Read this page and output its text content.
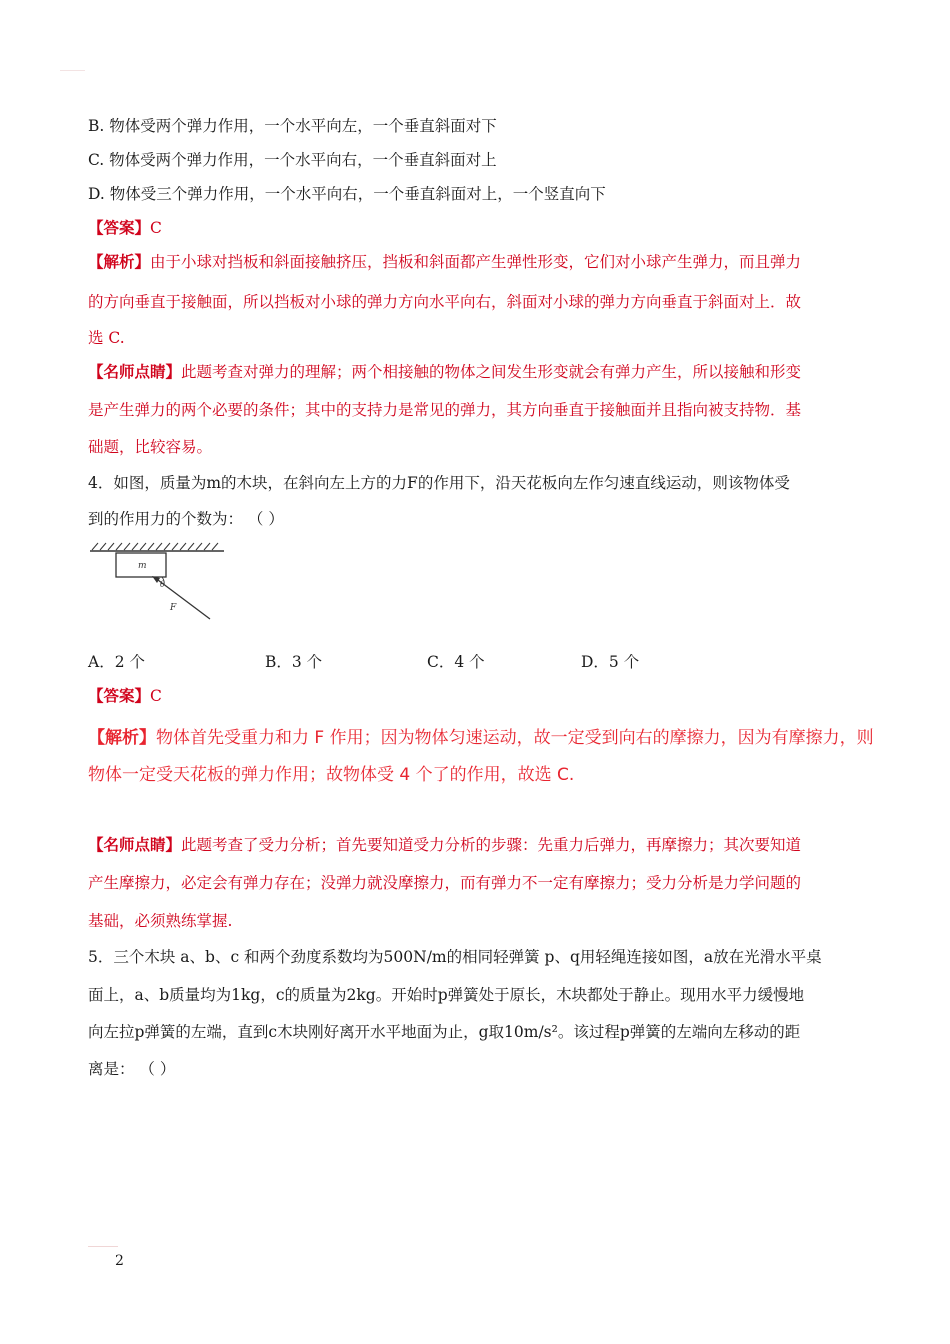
B. 物体受两个弹力作用，一个水平向左，一个垂直斜面对下
C. 物体受两个弹力作用，一个水平向右，一个垂直斜面对上
D. 物体受三个弹力作用，一个水平向右，一个垂直斜面对上，一个竖直向下
【答案】C
【解析】由于小球对挡板和斜面接触挤压，挡板和斜面都产生弹性形变，它们对小球产生弹力，而且弹力
的方向垂直于接触面，所以挡板对小球的弹力方向水平向右，斜面对小球的弹力方向垂直于斜面对上．故
选 C.
【名师点睛】此题考查对弹力的理解；两个相接触的物体之间发生形变就会有弹力产生，所以接触和形变
是产生弹力的两个必要的条件；其中的支持力是常见的弹力，其方向垂直于接触面并且指向被支持物．基
础题，比较容易。
4．如图，质量为m的木块，在斜向左上方的力F的作用下，沿天花板向左作匀速直线运动，则该物体受
到的作用力的个数为： （ ）
m
θ
F
A．2 个	B．3 个	C．4 个	D．5 个
【答案】C
【解析】物体首先受重力和力 F 作用；因为物体匀速运动，故一定受到向右的摩擦力，因为有摩擦力，则
物体一定受天花板的弹力作用；故物体受 4 个了的作用，故选 C.
【名师点睛】此题考查了受力分析；首先要知道受力分析的步骤：先重力后弹力，再摩擦力；其次要知道
产生摩擦力，必定会有弹力存在；没弹力就没摩擦力，而有弹力不一定有摩擦力；受力分析是力学问题的
基础，必须熟练掌握.
5．三个木块 a、b、c 和两个劲度系数均为500N/m的相同轻弹簧 p、q用轻绳连接如图，a放在光滑水平桌
面上，a、b质量均为1kg，c的质量为2kg。开始时p弹簧处于原长，木块都处于静止。现用水平力缓慢地
向左拉p弹簧的左端，直到c木块刚好离开水平地面为止，g取10m/s²。该过程p弹簧的左端向左移动的距
离是： （ ）
2
